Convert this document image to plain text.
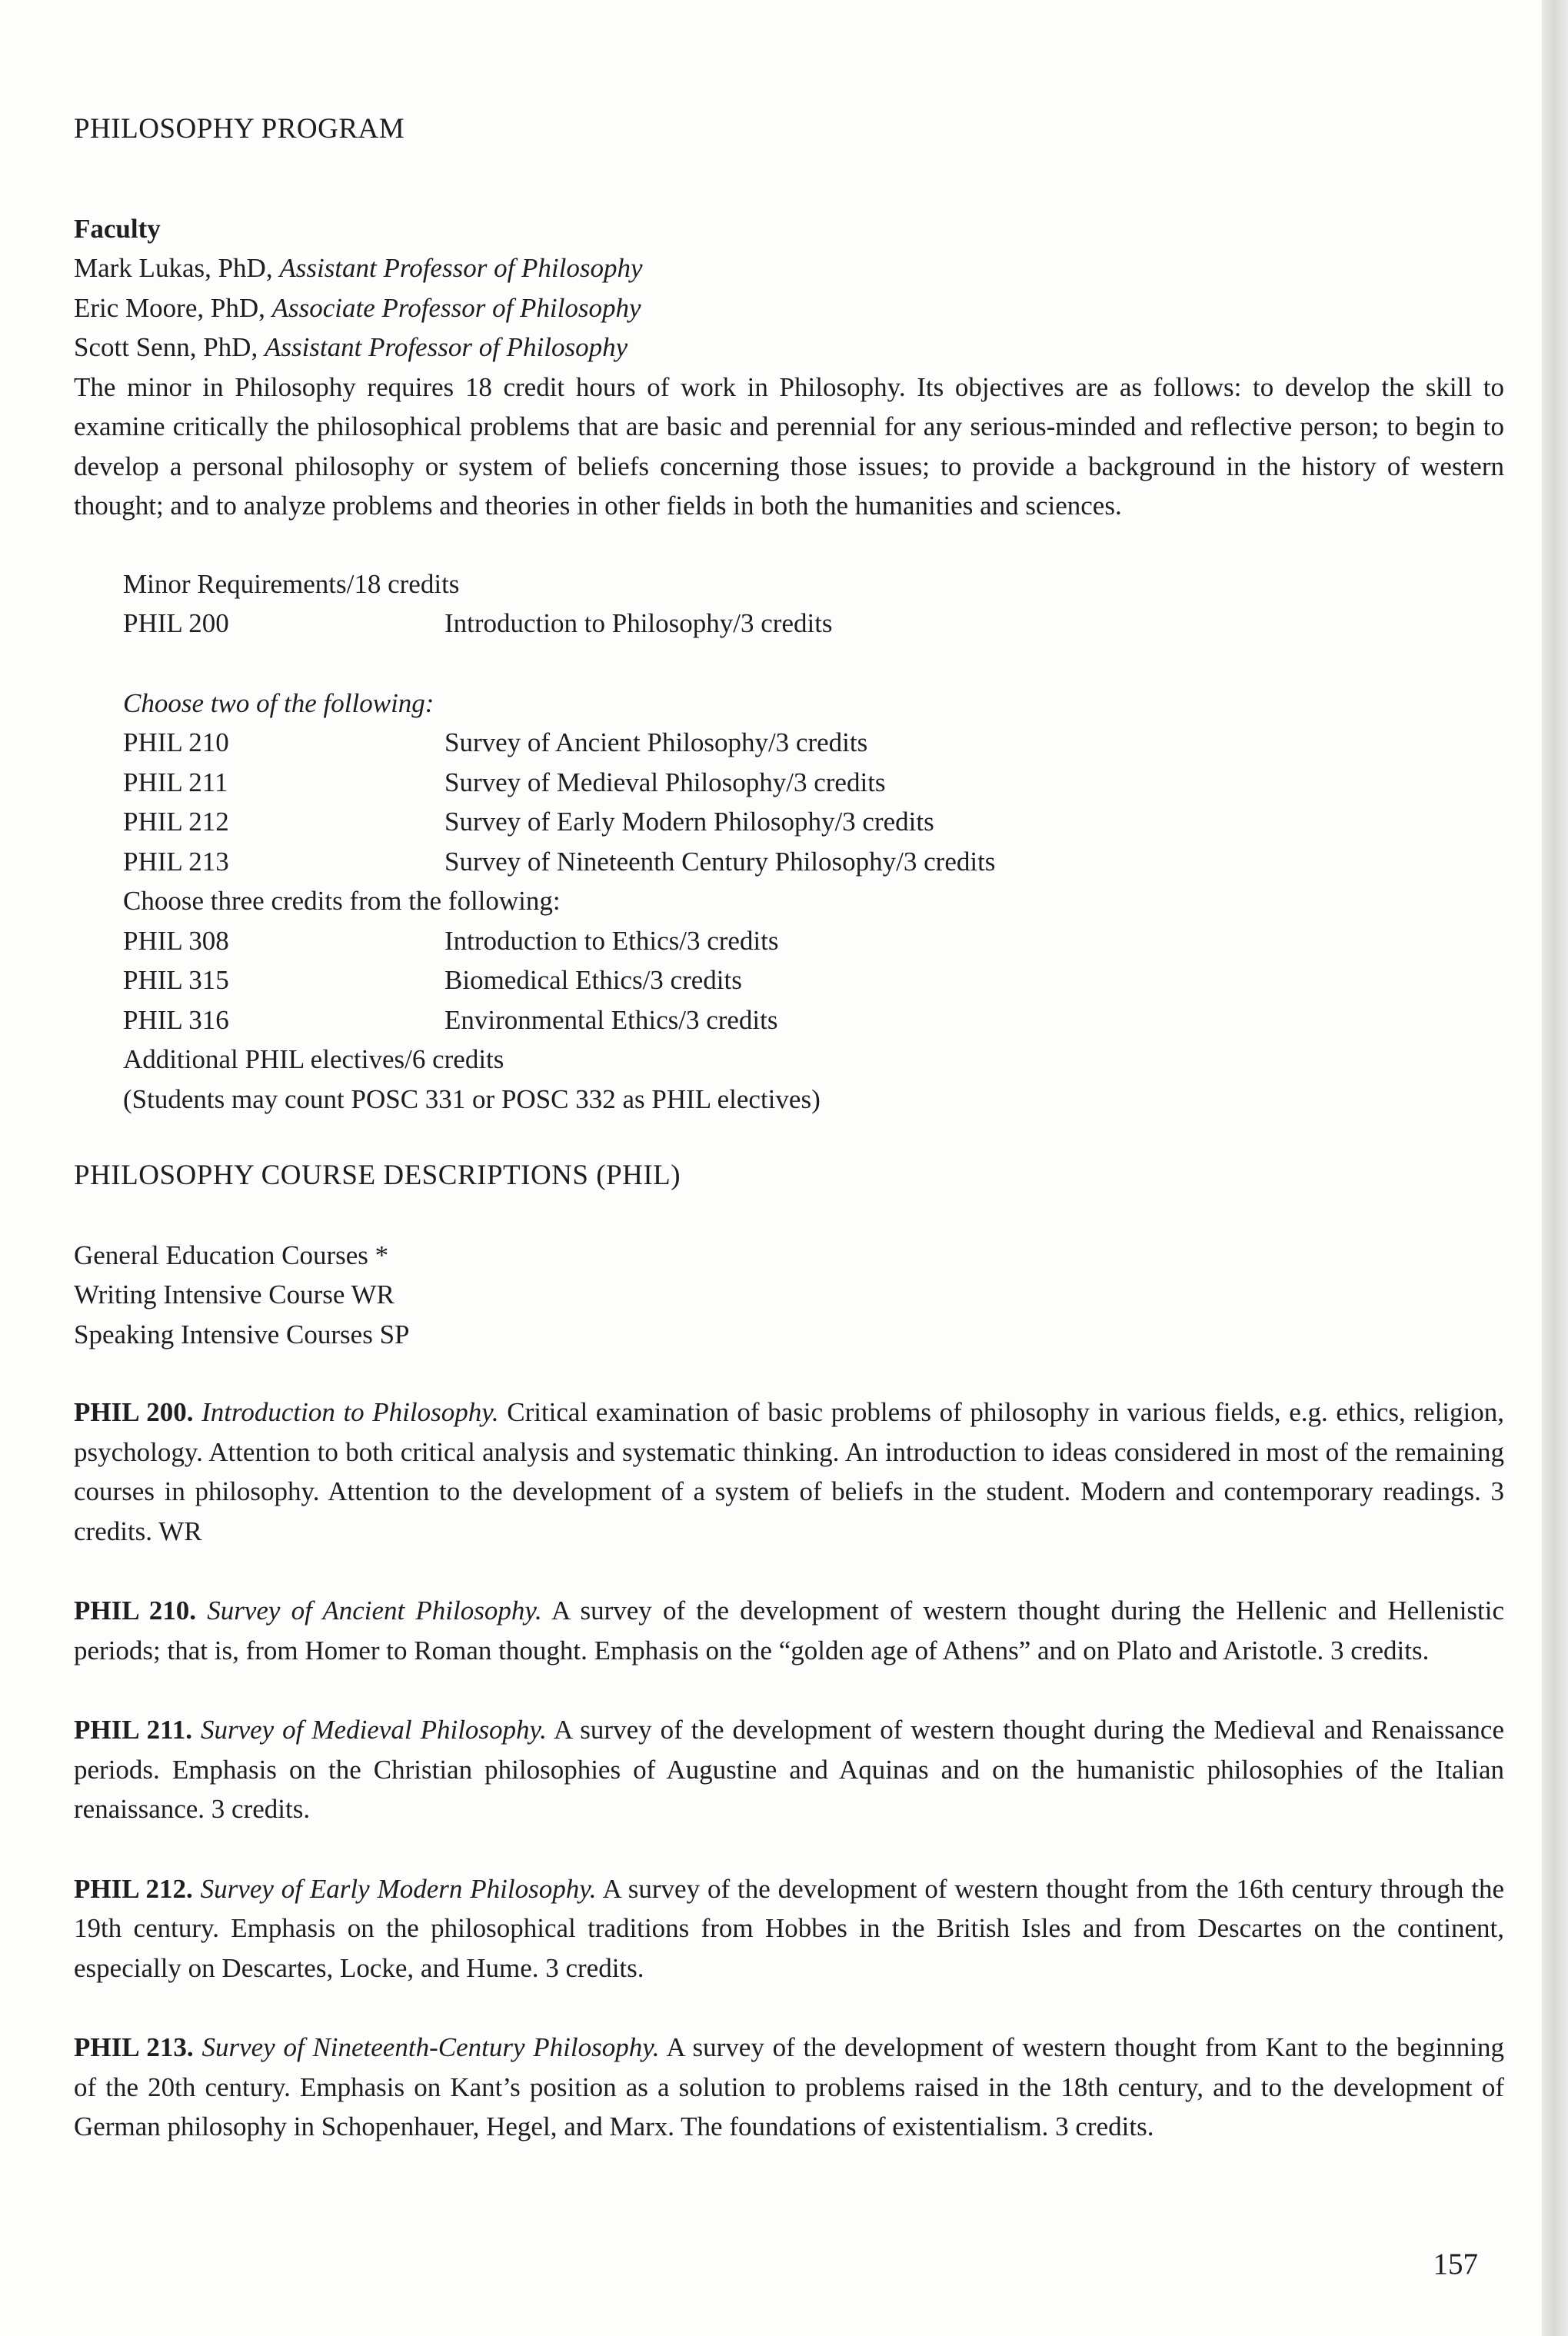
PHILOSOPHY PROGRAM
Faculty
Mark Lukas, PhD, Assistant Professor of Philosophy
Eric Moore, PhD, Associate Professor of Philosophy
Scott Senn, PhD, Assistant Professor of Philosophy

The minor in Philosophy requires 18 credit hours of work in Philosophy. Its objectives are as follows: to develop the skill to examine critically the philosophical problems that are basic and perennial for any serious-minded and reflective person; to begin to develop a personal philosophy or system of beliefs concerning those issues; to provide a background in the history of western thought; and to analyze problems and theories in other fields in both the humanities and sciences.

Minor Requirements/18 credits
PHIL 200	Introduction to Philosophy/3 credits
Choose two of the following:
PHIL 210	Survey of Ancient Philosophy/3 credits
PHIL 211	Survey of Medieval Philosophy/3 credits
PHIL 212	Survey of Early Modern Philosophy/3 credits
PHIL 213	Survey of Nineteenth Century Philosophy/3 credits
Choose three credits from the following:
PHIL 308	Introduction to Ethics/3 credits
PHIL 315	Biomedical Ethics/3 credits
PHIL 316	Environmental Ethics/3 credits
Additional PHIL electives/6 credits
(Students may count POSC 331 or POSC 332 as PHIL electives)
PHILOSOPHY COURSE DESCRIPTIONS (PHIL)
General Education Courses *
Writing Intensive Course WR
Speaking Intensive Courses SP

PHIL 200. Introduction to Philosophy. Critical examination of basic problems of philosophy in various fields, e.g. ethics, religion, psychology. Attention to both critical analysis and systematic thinking. An introduction to ideas considered in most of the remaining courses in philosophy. Attention to the development of a system of beliefs in the student. Modern and contemporary readings. 3 credits. WR

PHIL 210. Survey of Ancient Philosophy. A survey of the development of western thought during the Hellenic and Hellenistic periods; that is, from Homer to Roman thought. Emphasis on the “golden age of Athens” and on Plato and Aristotle. 3 credits.

PHIL 211. Survey of Medieval Philosophy. A survey of the development of western thought during the Medieval and Renaissance periods. Emphasis on the Christian philosophies of Augustine and Aquinas and on the humanistic philosophies of the Italian renaissance. 3 credits.

PHIL 212. Survey of Early Modern Philosophy. A survey of the development of western thought from the 16th century through the 19th century. Emphasis on the philosophical traditions from Hobbes in the British Isles and from Descartes on the continent, especially on Descartes, Locke, and Hume. 3 credits.

PHIL 213. Survey of Nineteenth-Century Philosophy. A survey of the development of western thought from Kant to the beginning of the 20th century. Emphasis on Kant’s position as a solution to problems raised in the 18th century, and to the development of German philosophy in Schopenhauer, Hegel, and Marx. The foundations of existentialism. 3 credits.

157
